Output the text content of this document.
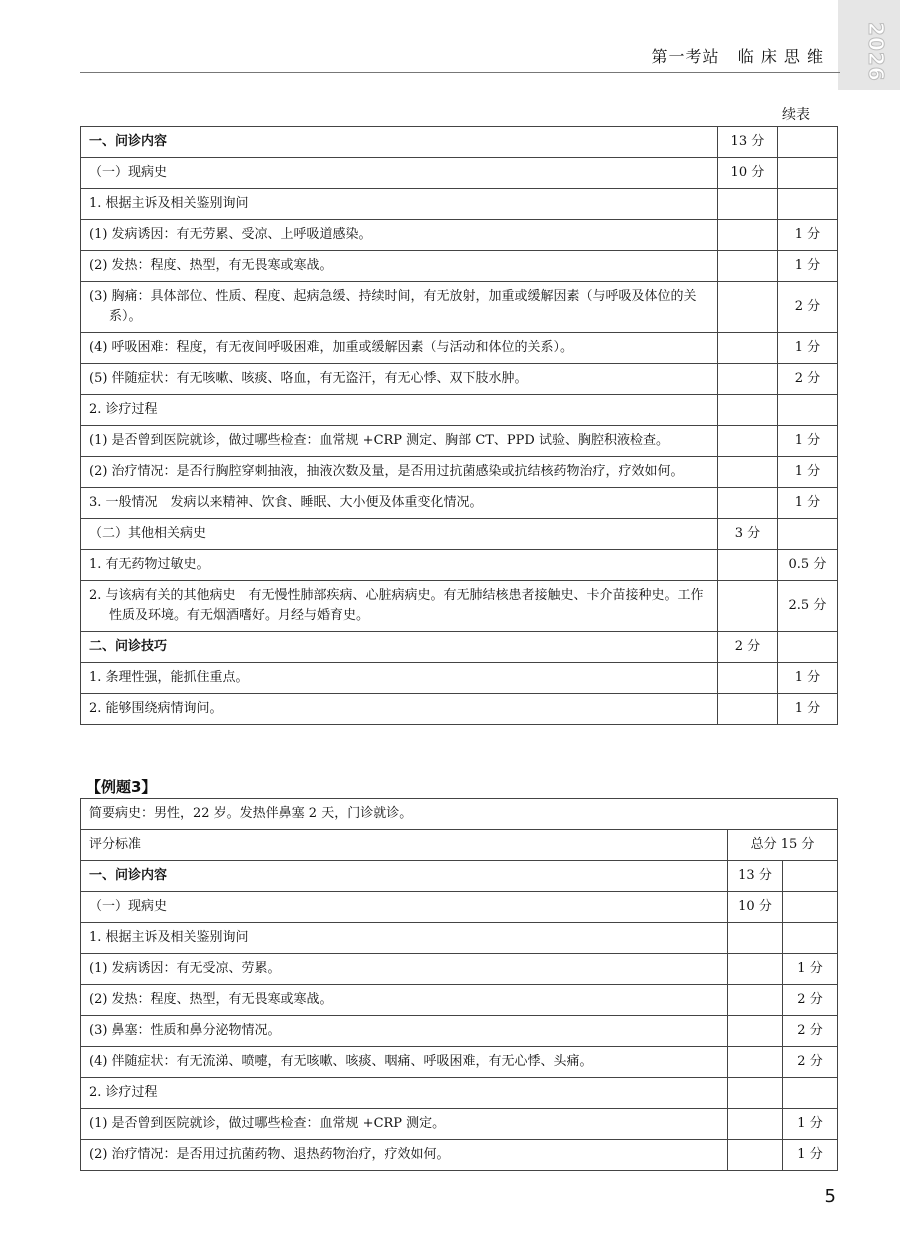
2026
第一考站 临 床 思 维
续表
一、问诊内容	13 分	
（一）现病史	10 分	
1. 根据主诉及相关鉴别询问		
(1) 发病诱因：有无劳累、受凉、上呼吸道感染。		1 分
(2) 发热：程度、热型，有无畏寒或寒战。		1 分
(3) 胸痛：具体部位、性质、程度、起病急缓、持续时间，有无放射，加重或缓解因素（与呼吸及体位的关系）。		2 分
(4) 呼吸困难：程度，有无夜间呼吸困难，加重或缓解因素（与活动和体位的关系）。		1 分
(5) 伴随症状：有无咳嗽、咳痰、咯血，有无盗汗，有无心悸、双下肢水肿。		2 分
2. 诊疗过程		
(1) 是否曾到医院就诊，做过哪些检查：血常规 +CRP 测定、胸部 CT、PPD 试验、胸腔积液检查。		1 分
(2) 治疗情况：是否行胸腔穿刺抽液，抽液次数及量，是否用过抗菌感染或抗结核药物治疗，疗效如何。		1 分
3. 一般情况　发病以来精神、饮食、睡眠、大小便及体重变化情况。		1 分
（二）其他相关病史	3 分	
1. 有无药物过敏史。		0.5 分
2. 与该病有关的其他病史　有无慢性肺部疾病、心脏病病史。有无肺结核患者接触史、卡介苗接种史。工作性质及环境。有无烟酒嗜好。月经与婚育史。		2.5 分
二、问诊技巧	2 分	
1. 条理性强，能抓住重点。		1 分
2. 能够围绕病情询问。		1 分
【例题3】
简要病史：男性，22 岁。发热伴鼻塞 2 天，门诊就诊。		
评分标准	总分 15 分	
一、问诊内容	13 分	
（一）现病史	10 分	
1. 根据主诉及相关鉴别询问		
(1) 发病诱因：有无受凉、劳累。		1 分
(2) 发热：程度、热型，有无畏寒或寒战。		2 分
(3) 鼻塞：性质和鼻分泌物情况。		2 分
(4) 伴随症状：有无流涕、喷嚏，有无咳嗽、咳痰、咽痛、呼吸困难，有无心悸、头痛。		2 分
2. 诊疗过程		
(1) 是否曾到医院就诊，做过哪些检查：血常规 +CRP 测定。		1 分
(2) 治疗情况：是否用过抗菌药物、退热药物治疗，疗效如何。		1 分
5
